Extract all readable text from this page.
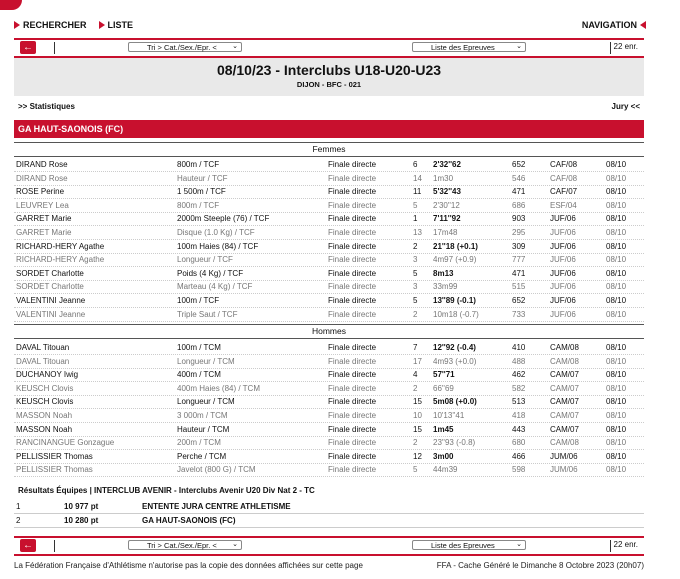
RECHERCHER LISTE	NAVIGATION
←	Tri > Cat./Sex./Epr. < ⌄	Liste des Epreuves	⌄	22 enr.
08/10/23 - Interclubs U18-U20-U23
DIJON - BFC - 021
>> Statistiques	Jury <<
GA HAUT-SAONOIS (FC)
Femmes
DIRAND Rose	800m / TCF	Finale directe	6 2'32''62	652	CAF/08	08/10
DIRAND Rose	Hauteur / TCF	Finale directe	14 1m30	546	CAF/08	08/10
ROSE Perine	1 500m / TCF	Finale directe	11 5'32''43	471	CAF/07	08/10
LEUVREY Lea	800m / TCF	Finale directe	5 2'30''12	686	ESF/04	08/10
GARRET Marie	2000m Steeple (76) / TCF	Finale directe	1 7'11''92	903	JUF/06	08/10
GARRET Marie	Disque (1.0 Kg) / TCF	Finale directe	13 17m48	295	JUF/06	08/10
RICHARD-HERY Agathe	100m Haies (84) / TCF	Finale directe	2 21''18 (+0.1)	309	JUF/06	08/10
RICHARD-HERY Agathe	Longueur / TCF	Finale directe	3 4m97 (+0.9)	777	JUF/06	08/10
SORDET Charlotte	Poids (4 Kg) / TCF	Finale directe	5 8m13	471	JUF/06	08/10
SORDET Charlotte	Marteau (4 Kg) / TCF	Finale directe	3 33m99	515	JUF/06	08/10
VALENTINI Jeanne	100m / TCF	Finale directe	5 13''89 (-0.1)	652	JUF/06	08/10
VALENTINI Jeanne	Triple Saut / TCF	Finale directe	2 10m18 (-0.7)	733	JUF/06	08/10
Hommes
DAVAL Titouan	100m / TCM	Finale directe	7 12''92 (-0.4)	410	CAM/08	08/10
DAVAL Titouan	Longueur / TCM	Finale directe	17 4m93 (+0.0)	488	CAM/08	08/10
DUCHANOY Iwig	400m / TCM	Finale directe	4 57''71	462	CAM/07	08/10
KEUSCH Clovis	400m Haies (84) / TCM	Finale directe	2 66''69	582	CAM/07	08/10
KEUSCH Clovis	Longueur / TCM	Finale directe	15 5m08 (+0.0)	513	CAM/07	08/10
MASSON Noah	3 000m / TCM	Finale directe	10 10'13''41	418	CAM/07	08/10
MASSON Noah	Hauteur / TCM	Finale directe	15 1m45	443	CAM/07	08/10
RANCINANGUE Gonzague	200m / TCM	Finale directe	2 23''93 (-0.8)	680	CAM/08	08/10
PELLISSIER Thomas	Perche / TCM	Finale directe	12 3m00	466	JUM/06	08/10
PELLISSIER Thomas	Javelot (800 G) / TCM	Finale directe	5 44m39	598	JUM/06	08/10
Résultats Équipes | INTERCLUB AVENIR - Interclubs Avenir U20 Div Nat 2 - TC
1	10 977 pt	ENTENTE JURA CENTRE ATHLETISME
2	10 280 pt	GA HAUT-SAONOIS (FC)
←	Tri > Cat./Sex./Epr. < ⌄	Liste des Epreuves	⌄	22 enr.
La Fédération Française d'Athlétisme n'autorise pas la copie des données affichées sur cette page	FFA - Cache Généré le Dimanche 8 Octobre 2023 (20h07)
